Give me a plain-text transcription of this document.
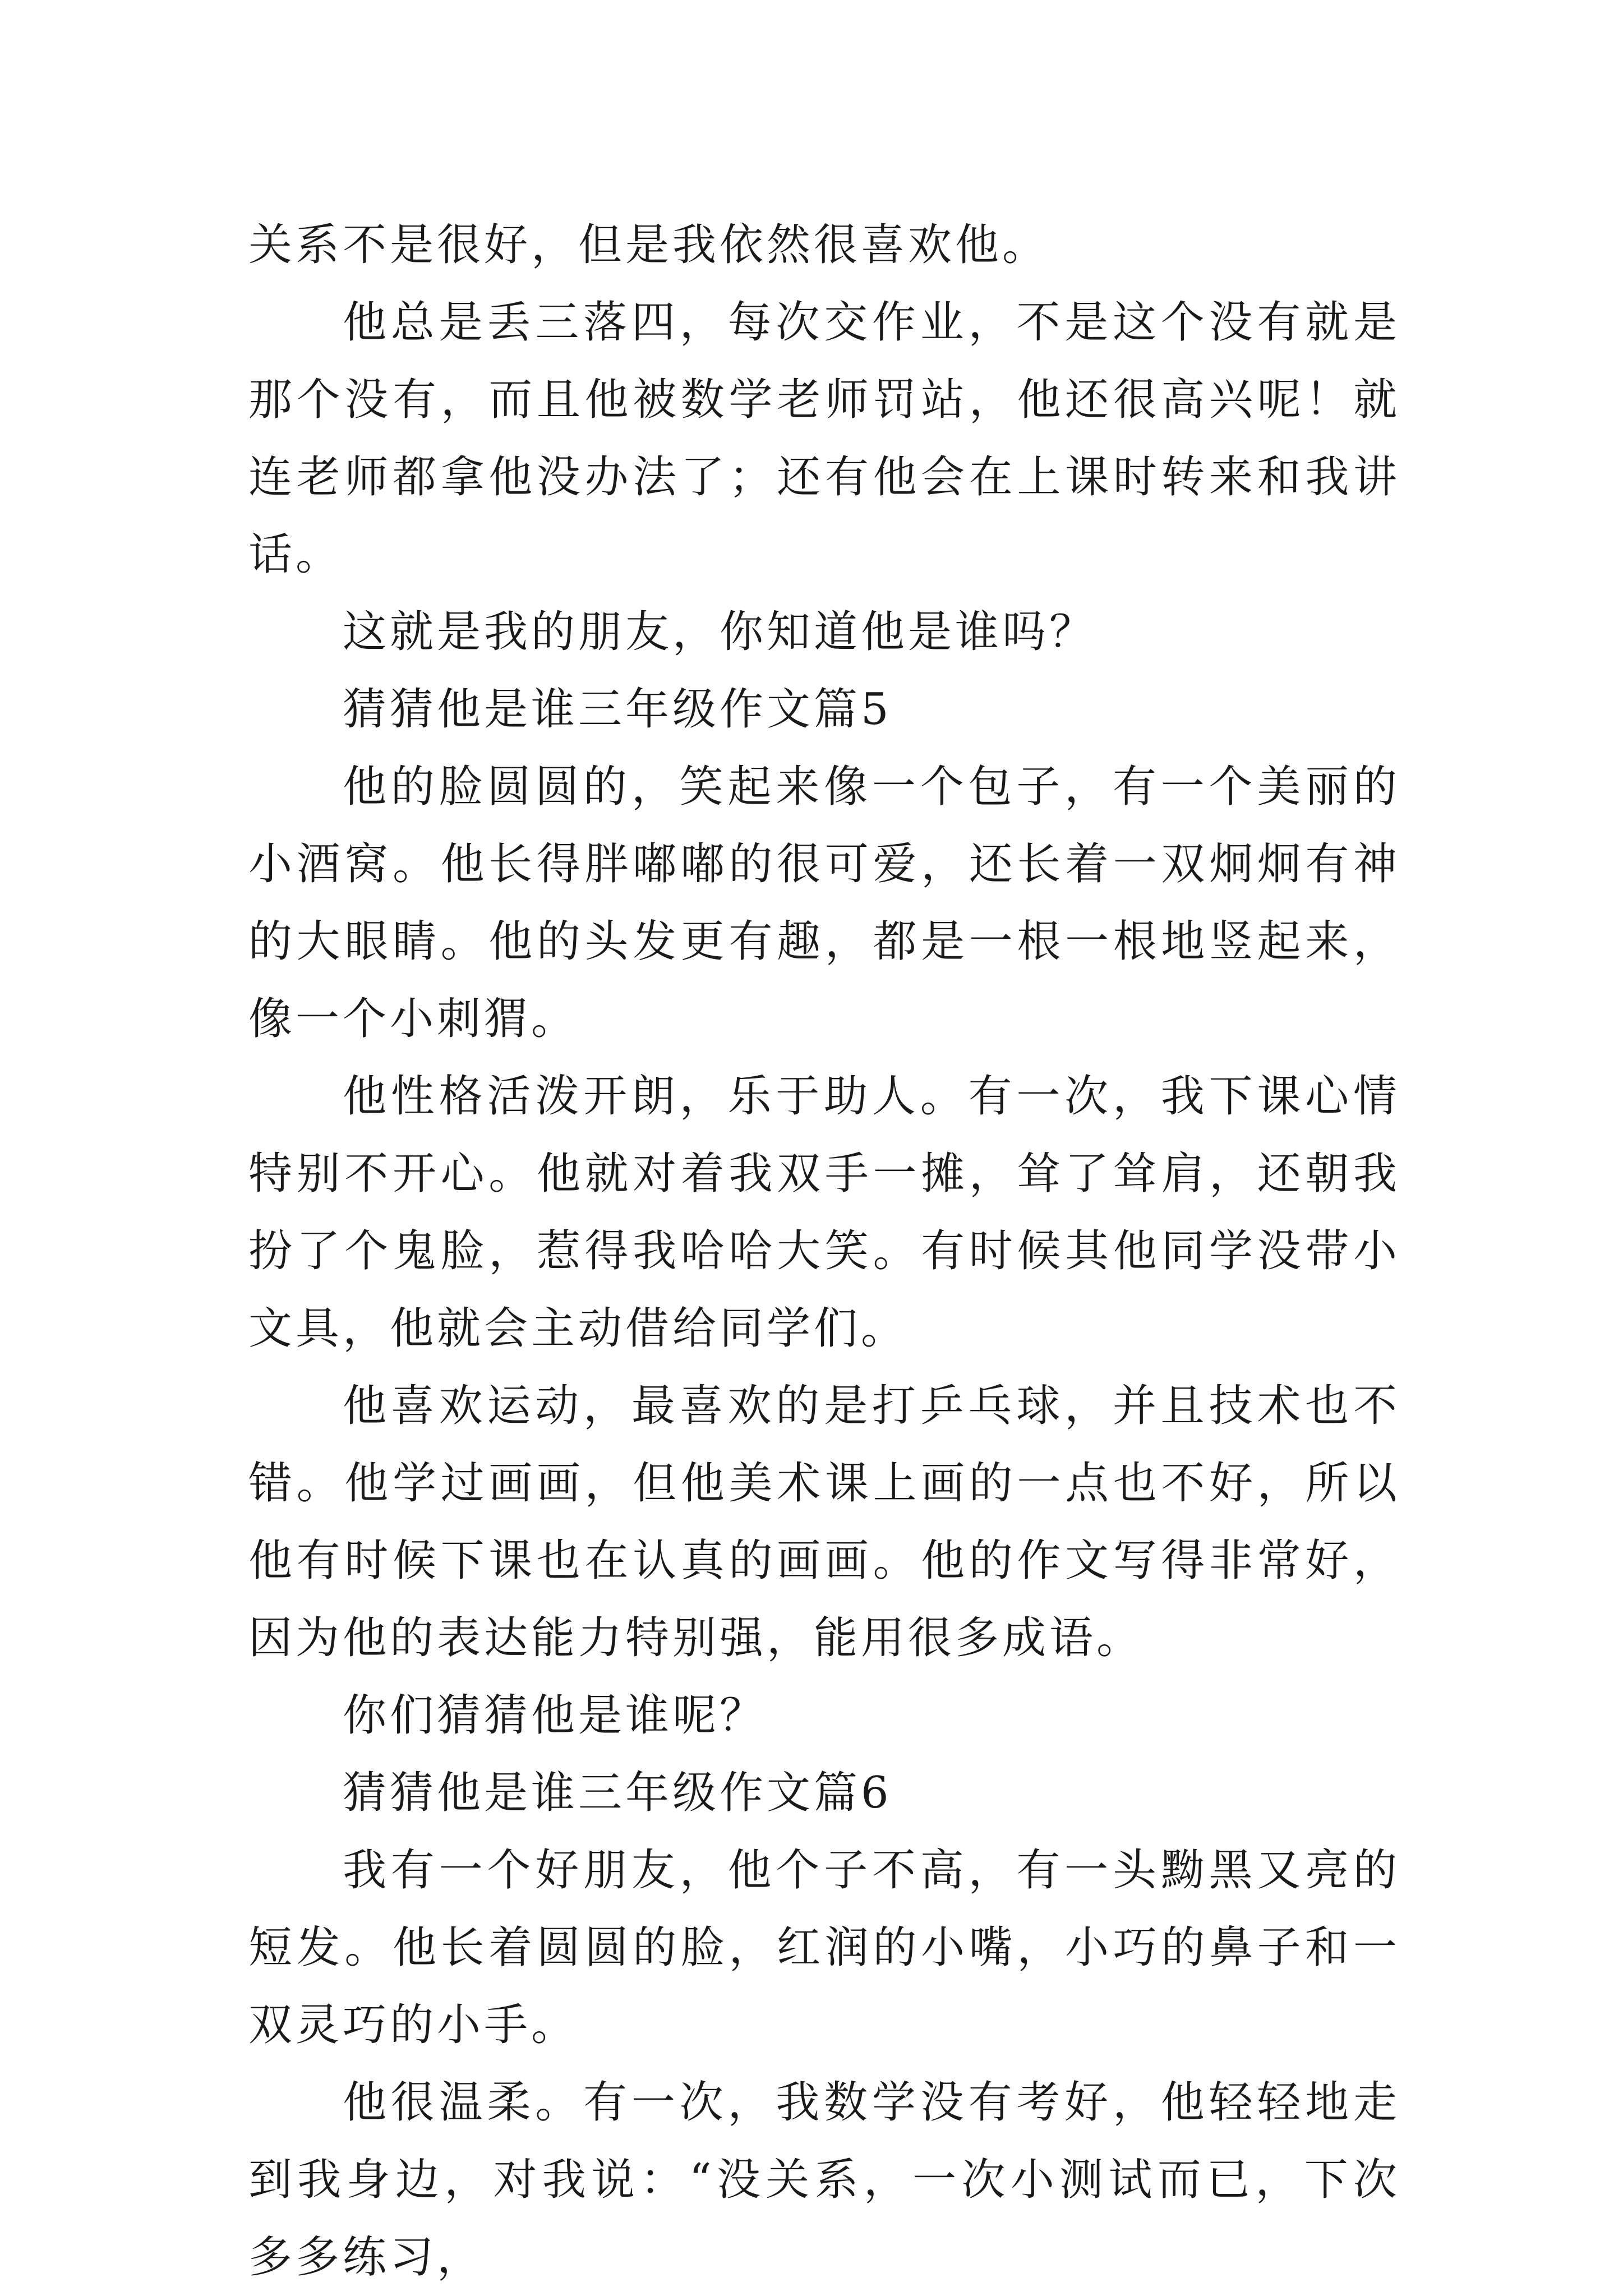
关系不是很好，但是我依然很喜欢他。

他总是丢三落四，每次交作业，不是这个没有就是那个没有，而且他被数学老师罚站，他还很高兴呢！就连老师都拿他没办法了；还有他会在上课时转来和我讲话。

这就是我的朋友，你知道他是谁吗？

猜猜他是谁三年级作文篇5

他的脸圆圆的，笑起来像一个包子，有一个美丽的小酒窝。他长得胖嘟嘟的很可爱，还长着一双炯炯有神的大眼睛。他的头发更有趣，都是一根一根地竖起来，像一个小刺猬。

他性格活泼开朗，乐于助人。有一次，我下课心情特别不开心。他就对着我双手一摊，耸了耸肩，还朝我扮了个鬼脸，惹得我哈哈大笑。有时候其他同学没带小文具，他就会主动借给同学们。

他喜欢运动，最喜欢的是打乒乓球，并且技术也不错。他学过画画，但他美术课上画的一点也不好，所以他有时候下课也在认真的画画。他的作文写得非常好，因为他的表达能力特别强，能用很多成语。

你们猜猜他是谁呢？

猜猜他是谁三年级作文篇6

我有一个好朋友，他个子不高，有一头黝黑又亮的短发。他长着圆圆的脸，红润的小嘴，小巧的鼻子和一双灵巧的小手。

他很温柔。有一次，我数学没有考好，他轻轻地走到我身边，对我说：“没关系，一次小测试而已，下次多多练习，
